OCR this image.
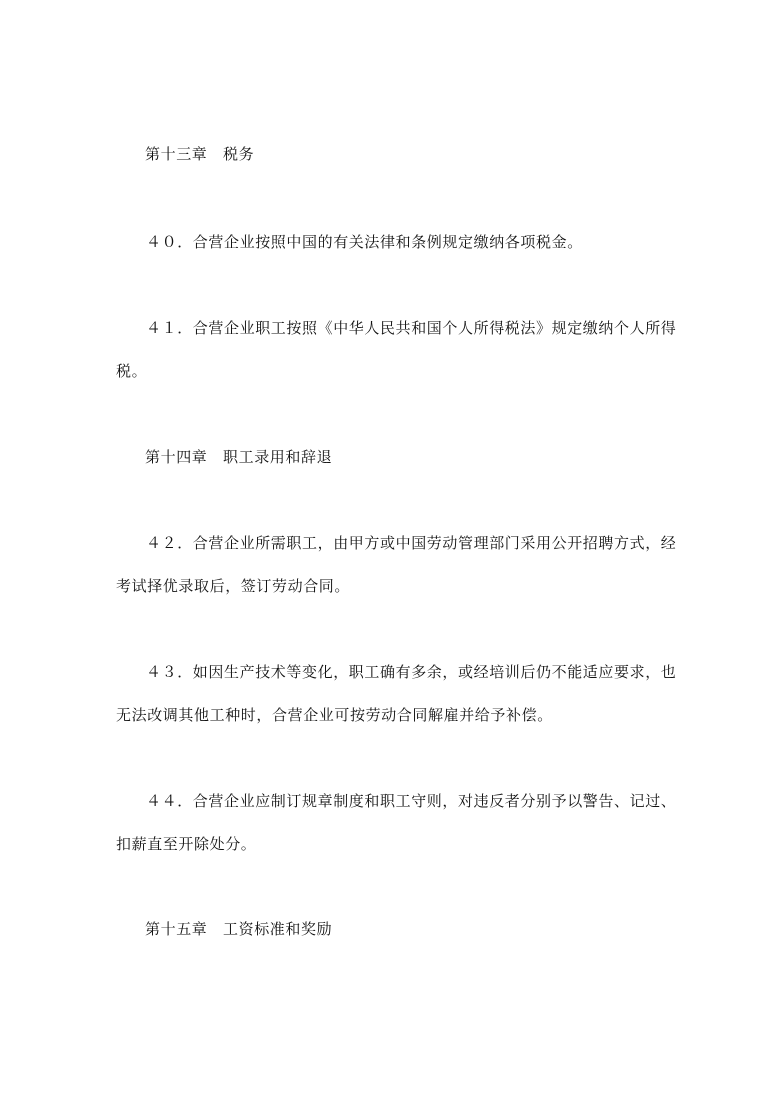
第十三章　税务
４０．合营企业按照中国的有关法律和条例规定缴纳各项税金。
４１．合营企业职工按照《中华人民共和国个人所得税法》规定缴纳个人所得
税。
第十四章　职工录用和辞退
４２．合营企业所需职工，由甲方或中国劳动管理部门采用公开招聘方式，经
考试择优录取后，签订劳动合同。
４３．如因生产技术等变化，职工确有多余，或经培训后仍不能适应要求，也
无法改调其他工种时，合营企业可按劳动合同解雇并给予补偿。
４４．合营企业应制订规章制度和职工守则，对违反者分别予以警告、记过、
扣薪直至开除处分。
第十五章　工资标准和奖励
